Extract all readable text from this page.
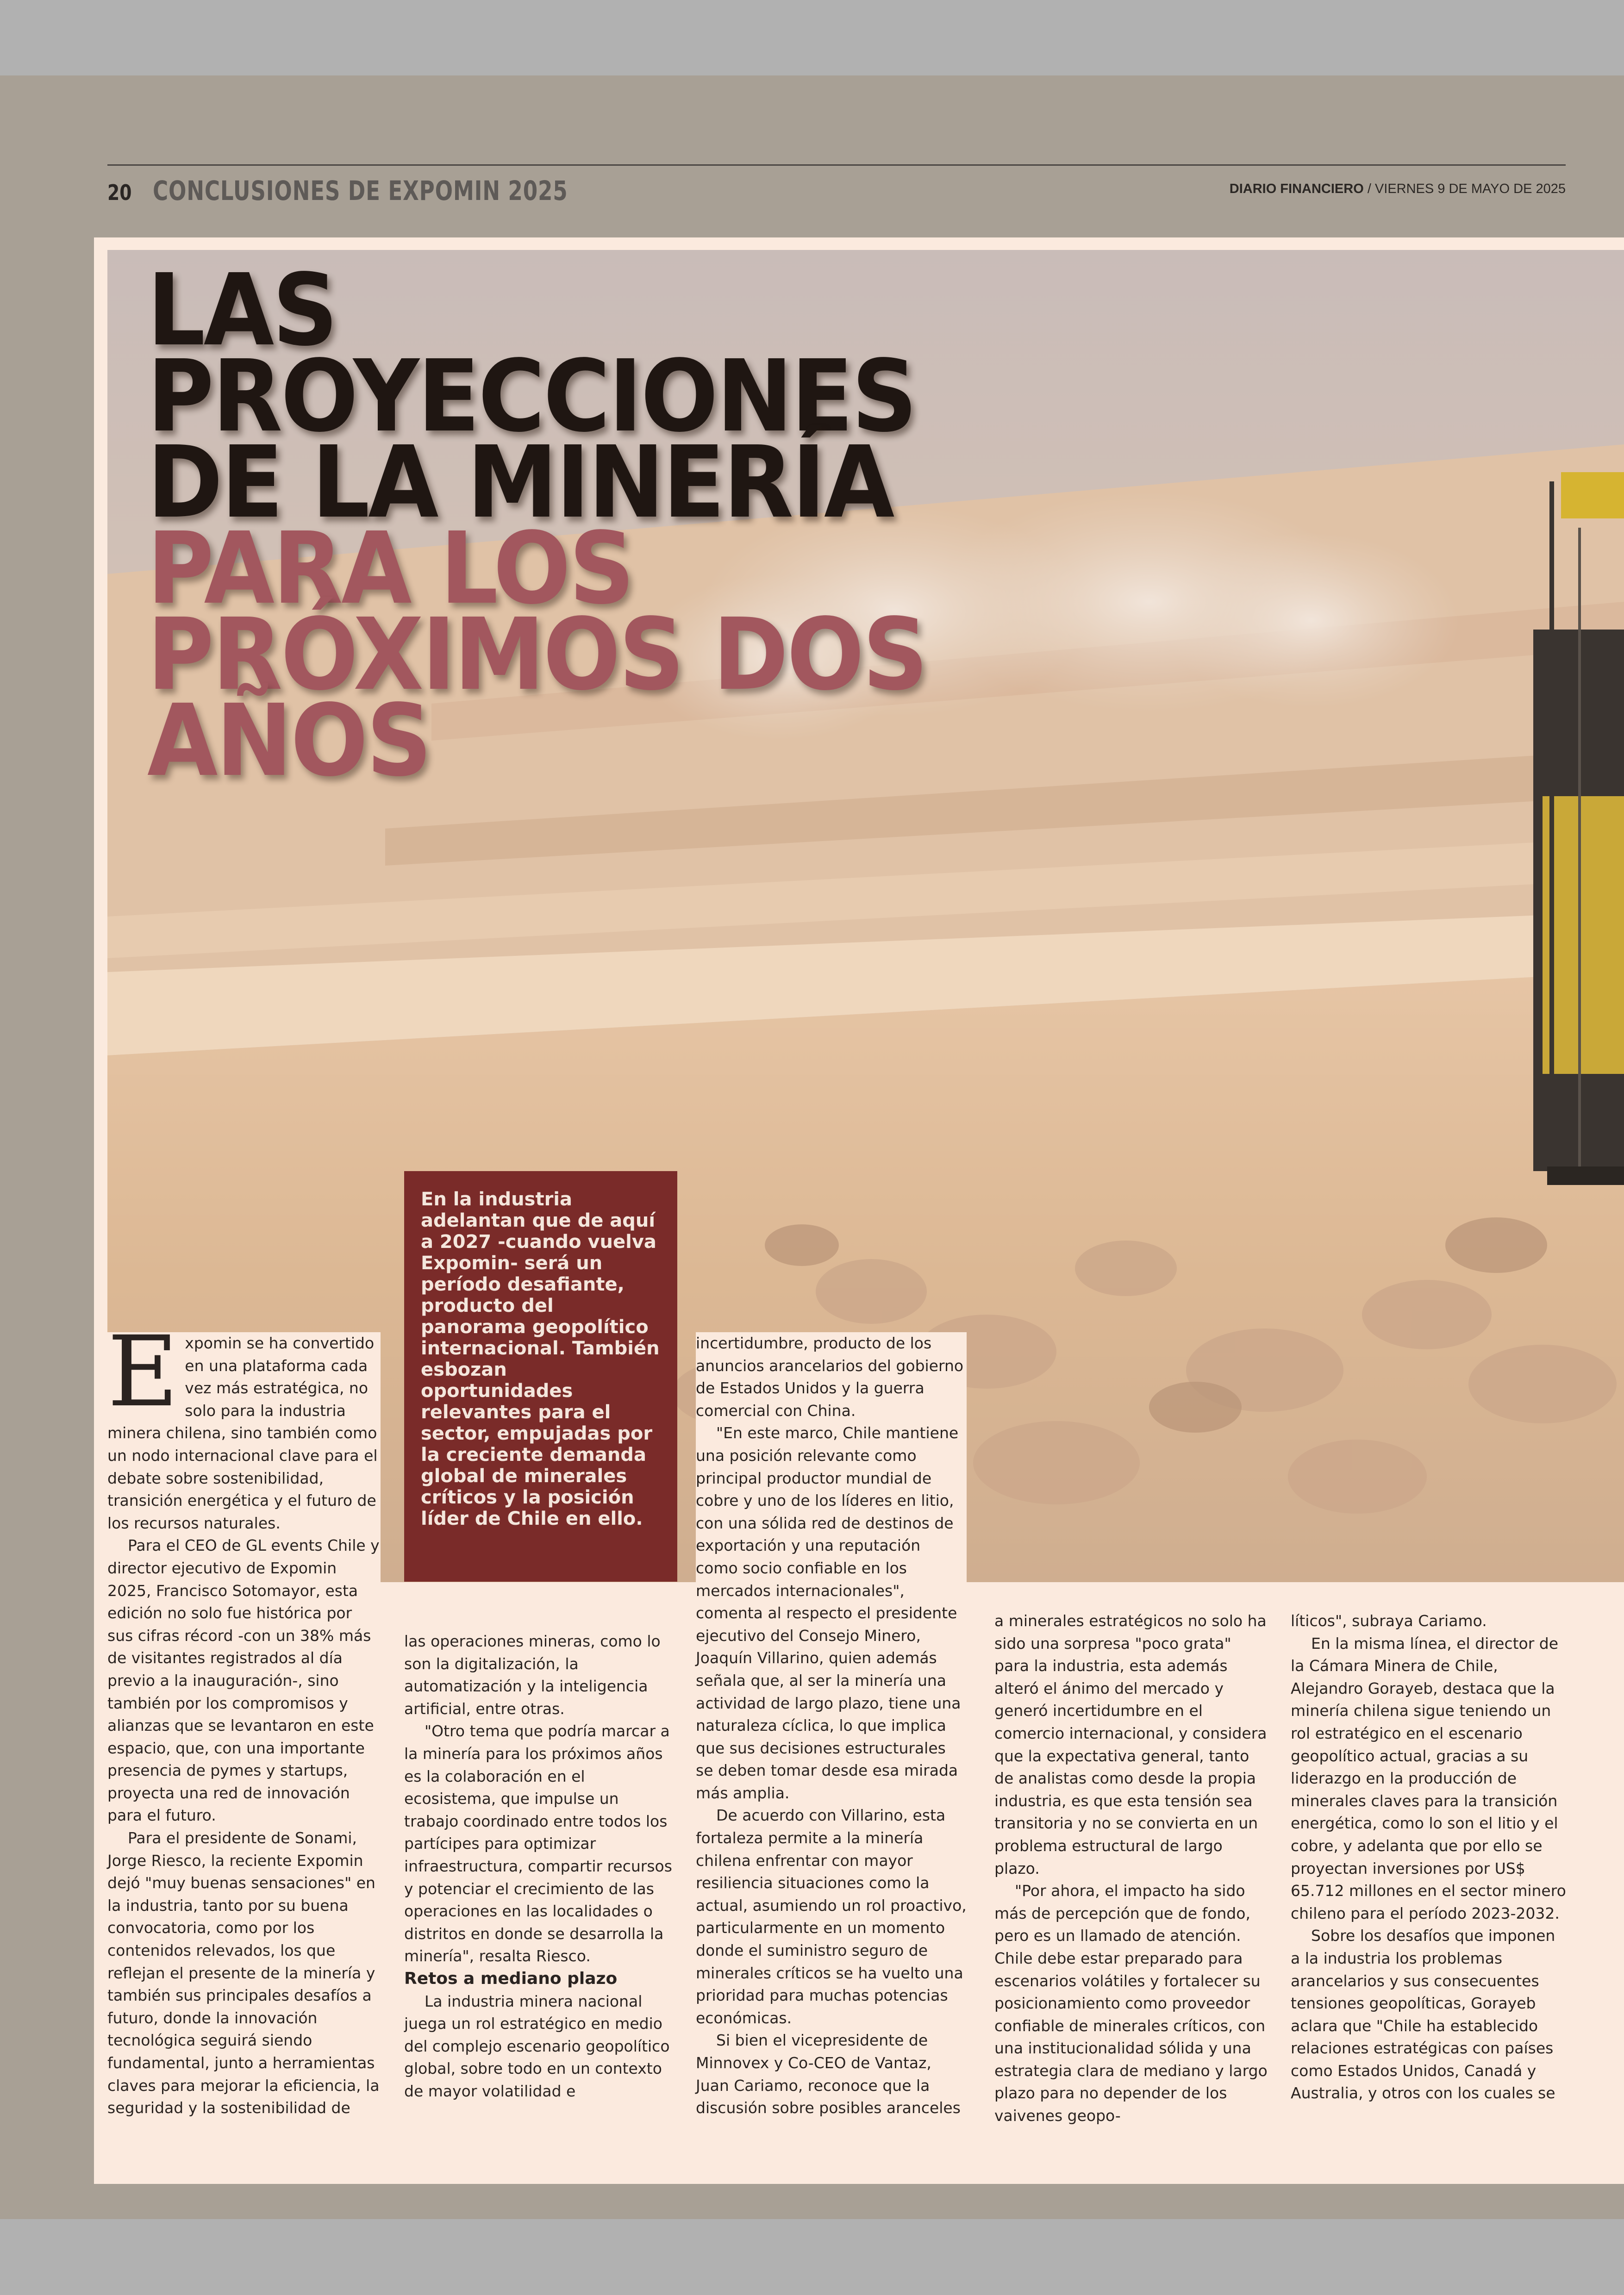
20 CONCLUSIONES DE EXPOMIN 2025	DIARIO FINANCIERO / VIERNES 9 DE MAYO DE 2025
LAS
PROYECCIONES
DE LA MINERÍA
PARA LOS
PRÓXIMOS DOS
AÑOS

En la industria adelantan que de aquí a 2027 -cuando vuelva Expomin- será un período desafiante, producto del panorama geopolítico internacional. También esbozan oportunidades relevantes para el sector, empujadas por la creciente demanda global de minerales críticos y la posición líder de Chile en ello.

Expomin se ha convertido en una plataforma cada vez más estratégica, no solo para la industria minera chilena, sino también como un nodo internacional clave para el debate sobre sostenibilidad, transición energética y el futuro de los recursos naturales.

Para el CEO de GL events Chile y director ejecutivo de Expomin 2025, Francisco Sotomayor, esta edición no solo fue histórica por sus cifras récord -con un 38% más de visitantes registrados al día previo a la inauguración-, sino también por los compromisos y alianzas que se levantaron en este espacio, que, con una importante presencia de pymes y startups, proyecta una red de innovación para el futuro.

Para el presidente de Sonami, Jorge Riesco, la reciente Expomin dejó "muy buenas sensaciones" en la industria, tanto por su buena convocatoria, como por los contenidos relevados, los que reflejan el presente de la minería y también sus principales desafíos a futuro, donde la innovación tecnológica seguirá siendo fundamental, junto a herramientas claves para mejorar la eficiencia, la seguridad y la sostenibilidad de

las operaciones mineras, como lo son la digitalización, la automatización y la inteligencia artificial, entre otras.

"Otro tema que podría marcar a la minería para los próximos años es la colaboración en el ecosistema, que impulse un trabajo coordinado entre todos los partícipes para optimizar infraestructura, compartir recursos y potenciar el crecimiento de las operaciones en las localidades o distritos en donde se desarrolla la minería", resalta Riesco.

Retos a mediano plazo

La industria minera nacional juega un rol estratégico en medio del complejo escenario geopolítico global, sobre todo en un contexto de mayor volatilidad e

incertidumbre, producto de los anuncios arancelarios del gobierno de Estados Unidos y la guerra comercial con China.

"En este marco, Chile mantiene una posición relevante como principal productor mundial de cobre y uno de los líderes en litio, con una sólida red de destinos de exportación y una reputación como socio confiable en los mercados internacionales", comenta al respecto el presidente ejecutivo del Consejo Minero, Joaquín Villarino, quien además señala que, al ser la minería una actividad de largo plazo, tiene una naturaleza cíclica, lo que implica que sus decisiones estructurales se deben tomar desde esa mirada más amplia.

De acuerdo con Villarino, esta fortaleza permite a la minería chilena enfrentar con mayor resiliencia situaciones como la actual, asumiendo un rol proactivo, particularmente en un momento donde el suministro seguro de minerales críticos se ha vuelto una prioridad para muchas potencias económicas.

Si bien el vicepresidente de Minnovex y Co-CEO de Vantaz, Juan Cariamo, reconoce que la discusión sobre posibles aranceles

a minerales estratégicos no solo ha sido una sorpresa "poco grata" para la industria, esta además alteró el ánimo del mercado y generó incertidumbre en el comercio internacional, y considera que la expectativa general, tanto de analistas como desde la propia industria, es que esta tensión sea transitoria y no se convierta en un problema estructural de largo plazo.

"Por ahora, el impacto ha sido más de percepción que de fondo, pero es un llamado de atención. Chile debe estar preparado para escenarios volátiles y fortalecer su posicionamiento como proveedor confiable de minerales críticos, con una institucionalidad sólida y una estrategia clara de mediano y largo plazo para no depender de los vaivenes geopo-

líticos", subraya Cariamo.

En la misma línea, el director de la Cámara Minera de Chile, Alejandro Gorayeb, destaca que la minería chilena sigue teniendo un rol estratégico en el escenario geopolítico actual, gracias a su liderazgo en la producción de minerales claves para la transición energética, como lo son el litio y el cobre, y adelanta que por ello se proyectan inversiones por US$ 65.712 millones en el sector minero chileno para el período 2023-2032.

Sobre los desafíos que imponen a la industria los problemas arancelarios y sus consecuentes tensiones geopolíticas, Gorayeb aclara que "Chile ha establecido relaciones estratégicas con países como Estados Unidos, Canadá y Australia, y otros con los cuales se
